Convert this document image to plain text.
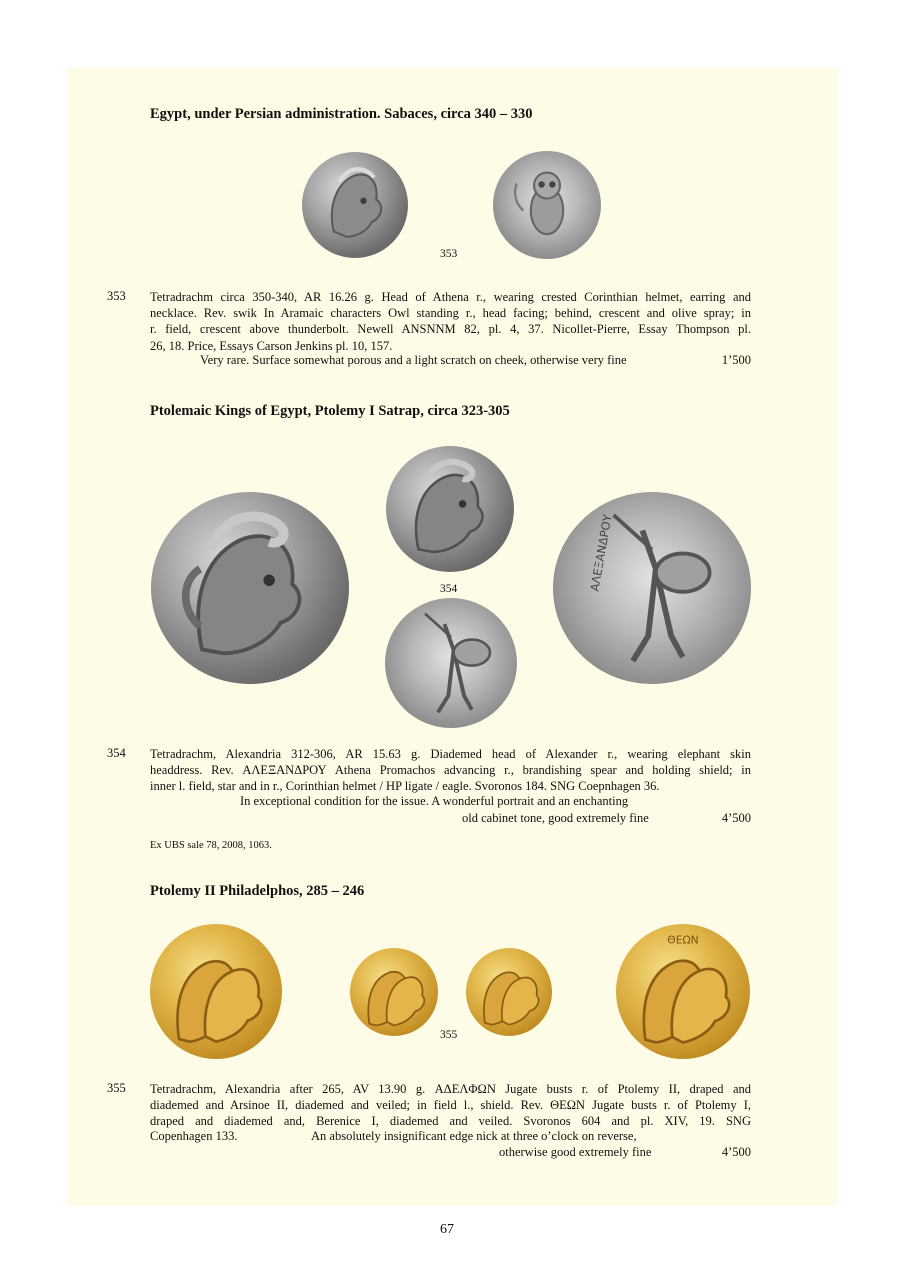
Egypt, under Persian administration. Sabaces, circa 340 – 330
353
353 Tetradrachm circa 350-340, AR 16.26 g. Head of Athena r., wearing crested Corinthian helmet, earring and
necklace. Rev. swik In Aramaic characters Owl standing r., head facing; behind, crescent and olive spray; in
r. field, crescent above thunderbolt. Newell ANSNNM 82, pl. 4, 37. Nicollet-Pierre, Essay Thompson pl.
26, 18. Price, Essays Carson Jenkins pl. 10, 157.
Very rare. Surface somewhat porous and a light scratch on cheek, otherwise very fine	1’500
Ptolemaic Kings of Egypt, Ptolemy I Satrap, circa 323-305
354	ΑΛΕΞΑΝΔΡΟΥ
354 Tetradrachm, Alexandria 312-306, AR 15.63 g. Diademed head of Alexander r., wearing elephant skin
headdress. Rev. ΑΛΕΞΑΝΔΡΟΥ Athena Promachos advancing r., brandishing spear and holding shield; in
inner l. field, star and in r., Corinthian helmet / HP ligate / eagle. Svoronos 184. SNG Coepnhagen 36.
In exceptional condition for the issue. A wonderful portrait and an enchanting
old cabinet tone, good extremely fine	4’500
Ex UBS sale 78, 2008, 1063.
Ptolemy II Philadelphos, 285 – 246
355
ΘΕΩΝ
355 Tetradrachm, Alexandria after 265, AV 13.90 g. ΑΔΕΛΦΩΝ Jugate busts r. of Ptolemy II, draped and
diademed and Arsinoe II, diademed and veiled; in field l., shield. Rev. ΘΕΩΝ Jugate busts r. of Ptolemy I,
draped and diademed and, Berenice I, diademed and veiled. Svoronos 604 and pl. XIV, 19. SNG
Copenhagen 133.	An absolutely insignificant edge nick at three o’clock on reverse,
otherwise good extremely fine	4’500
67
